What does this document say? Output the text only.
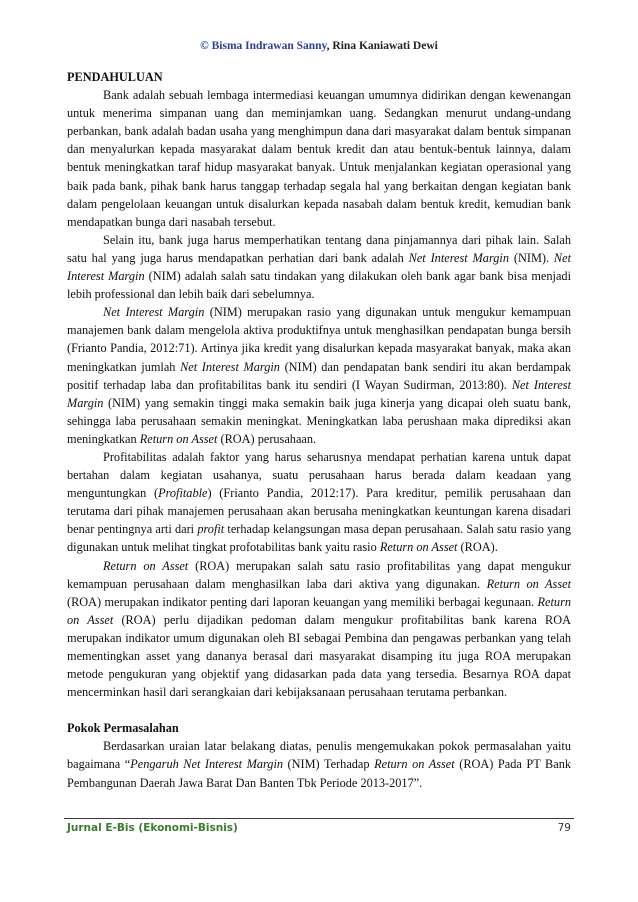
© Bisma Indrawan Sanny, Rina Kaniawati Dewi
PENDAHULUAN

Bank adalah sebuah lembaga intermediasi keuangan umumnya didirikan dengan kewenangan untuk menerima simpanan uang dan meminjamkan uang. Sedangkan menurut undang-undang perbankan, bank adalah badan usaha yang menghimpun dana dari masyarakat dalam bentuk simpanan dan menyalurkan kepada masyarakat dalam bentuk kredit dan atau bentuk-bentuk lainnya, dalam bentuk meningkatkan taraf hidup masyarakat banyak. Untuk menjalankan kegiatan operasional yang baik pada bank, pihak bank harus tanggap terhadap segala hal yang berkaitan dengan kegiatan bank dalam pengelolaan keuangan untuk disalurkan kepada nasabah dalam bentuk kredit, kemudian bank mendapatkan bunga dari nasabah tersebut.

Selain itu, bank juga harus memperhatikan tentang dana pinjamannya dari pihak lain. Salah satu hal yang juga harus mendapatkan perhatian dari bank adalah Net Interest Margin (NIM). Net Interest Margin (NIM) adalah salah satu tindakan yang dilakukan oleh bank agar bank bisa menjadi lebih professional dan lebih baik dari sebelumnya.

Net Interest Margin (NIM) merupakan rasio yang digunakan untuk mengukur kemampuan manajemen bank dalam mengelola aktiva produktifnya untuk menghasilkan pendapatan bunga bersih (Frianto Pandia, 2012:71). Artinya jika kredit yang disalurkan kepada masyarakat banyak, maka akan meningkatkan jumlah Net Interest Margin (NIM) dan pendapatan bank sendiri itu akan berdampak positif terhadap laba dan profitabilitas bank itu sendiri (I Wayan Sudirman, 2013:80). Net Interest Margin (NIM) yang semakin tinggi maka semakin baik juga kinerja yang dicapai oleh suatu bank, sehingga laba perusahaan semakin meningkat. Meningkatkan laba perushaan maka diprediksi akan meningkatkan Return on Asset (ROA) perusahaan.

Profitabilitas adalah faktor yang harus seharusnya mendapat perhatian karena untuk dapat bertahan dalam kegiatan usahanya, suatu perusahaan harus berada dalam keadaan yang menguntungkan (Profitable) (Frianto Pandia, 2012:17). Para kreditur, pemilik perusahaan dan terutama dari pihak manajemen perusahaan akan berusaha meningkatkan keuntungan karena disadari benar pentingnya arti dari profit terhadap kelangsungan masa depan perusahaan. Salah satu rasio yang digunakan untuk melihat tingkat profotabilitas bank yaitu rasio Return on Asset (ROA).

Return on Asset (ROA) merupakan salah satu rasio profitabilitas yang dapat mengukur kemampuan perusahaan dalam menghasilkan laba dari aktiva yang digunakan. Return on Asset (ROA) merupakan indikator penting dari laporan keuangan yang memiliki berbagai kegunaan. Return on Asset (ROA) perlu dijadikan pedoman dalam mengukur profitabilitas bank karena ROA merupakan indikator umum digunakan oleh BI sebagai Pembina dan pengawas perbankan yang telah mementingkan asset yang dananya berasal dari masyarakat disamping itu juga ROA merupakan metode pengukuran yang objektif yang didasarkan pada data yang tersedia. Besarnya ROA dapat mencerminkan hasil dari serangkaian dari kebijaksanaan perusahaan terutama perbankan.

Pokok Permasalahan

Berdasarkan uraian latar belakang diatas, penulis mengemukakan pokok permasalahan yaitu bagaimana “Pengaruh Net Interest Margin (NIM) Terhadap Return on Asset (ROA) Pada PT Bank Pembangunan Daerah Jawa Barat Dan Banten Tbk Periode 2013-2017”.

Jurnal E-Bis (Ekonomi-Bisnis)	79
